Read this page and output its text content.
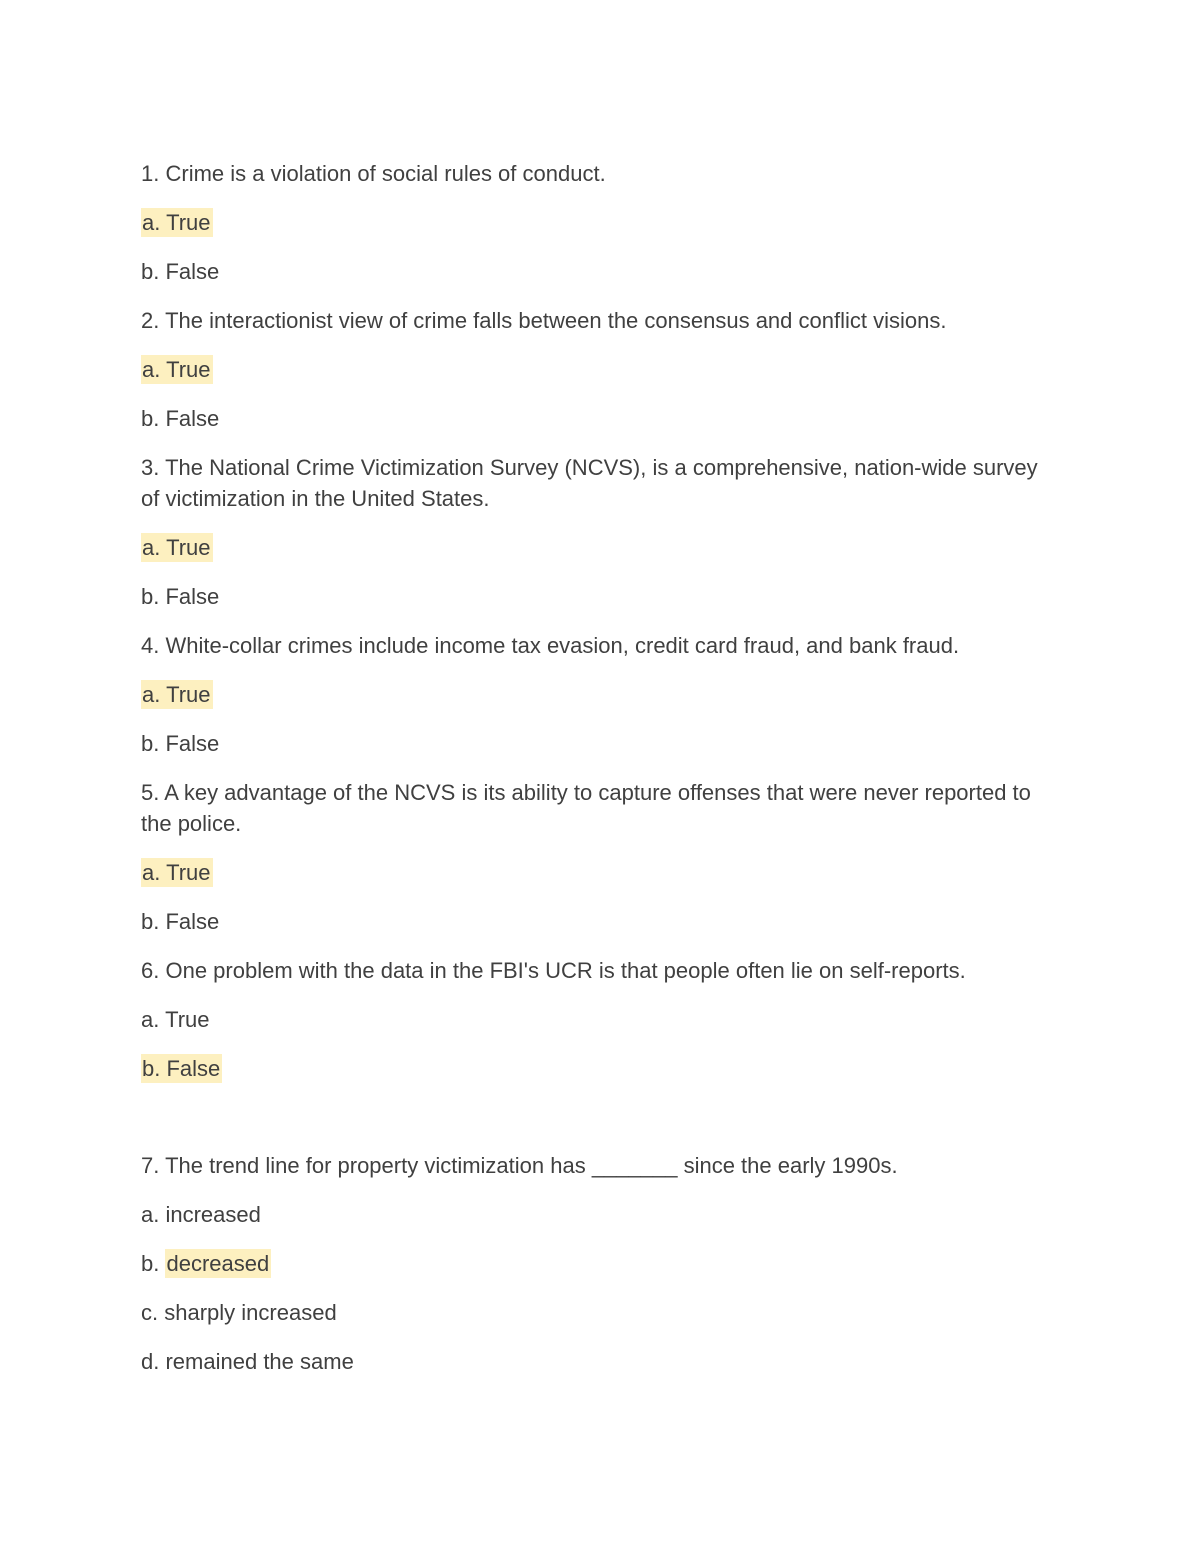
1. Crime is a violation of social rules of conduct.
a. True
b. False
2. The interactionist view of crime falls between the consensus and conflict visions.
a. True
b. False
3. The National Crime Victimization Survey (NCVS), is a comprehensive, nation-wide survey of victimization in the United States.
a. True
b. False
4. White-collar crimes include income tax evasion, credit card fraud, and bank fraud.
a. True
b. False
5. A key advantage of the NCVS is its ability to capture offenses that were never reported to the police.
a. True
b. False
6. One problem with the data in the FBI's UCR is that people often lie on self-reports.
a. True
b. False
7. The trend line for property victimization has _______ since the early 1990s.
a. increased
b. decreased
c. sharply increased
d. remained the same
